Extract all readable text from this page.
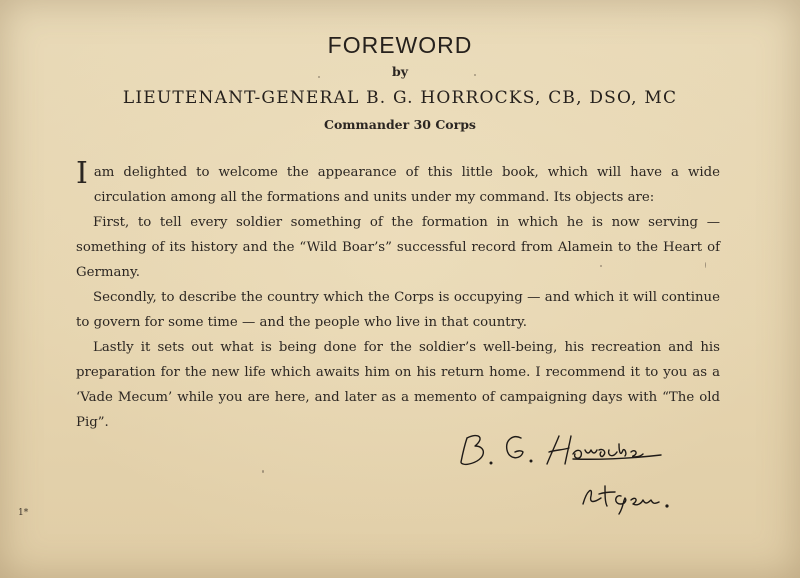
FOREWORD
by
LIEUTENANT-GENERAL B. G. HORROCKS, CB, DSO, MC
Commander 30 Corps

I am delighted to welcome the appearance of this little book, which will have a wide circulation among all the formations and units under my command. Its objects are:

First, to tell every soldier something of the formation in which he is now serving — something of its history and the “Wild Boar’s” successful record from Alamein to the Heart of Germany.

Secondly, to describe the country which the Corps is occupying — and which it will continue to govern for some time — and the people who live in that country.

Lastly it sets out what is being done for the soldier’s well-being, his recreation and his preparation for the new life which awaits him on his return home. I recommend it to you as a ‘Vade Mecum’ while you are here, and later as a memento of campaigning days with “The old Pig”.

1*
